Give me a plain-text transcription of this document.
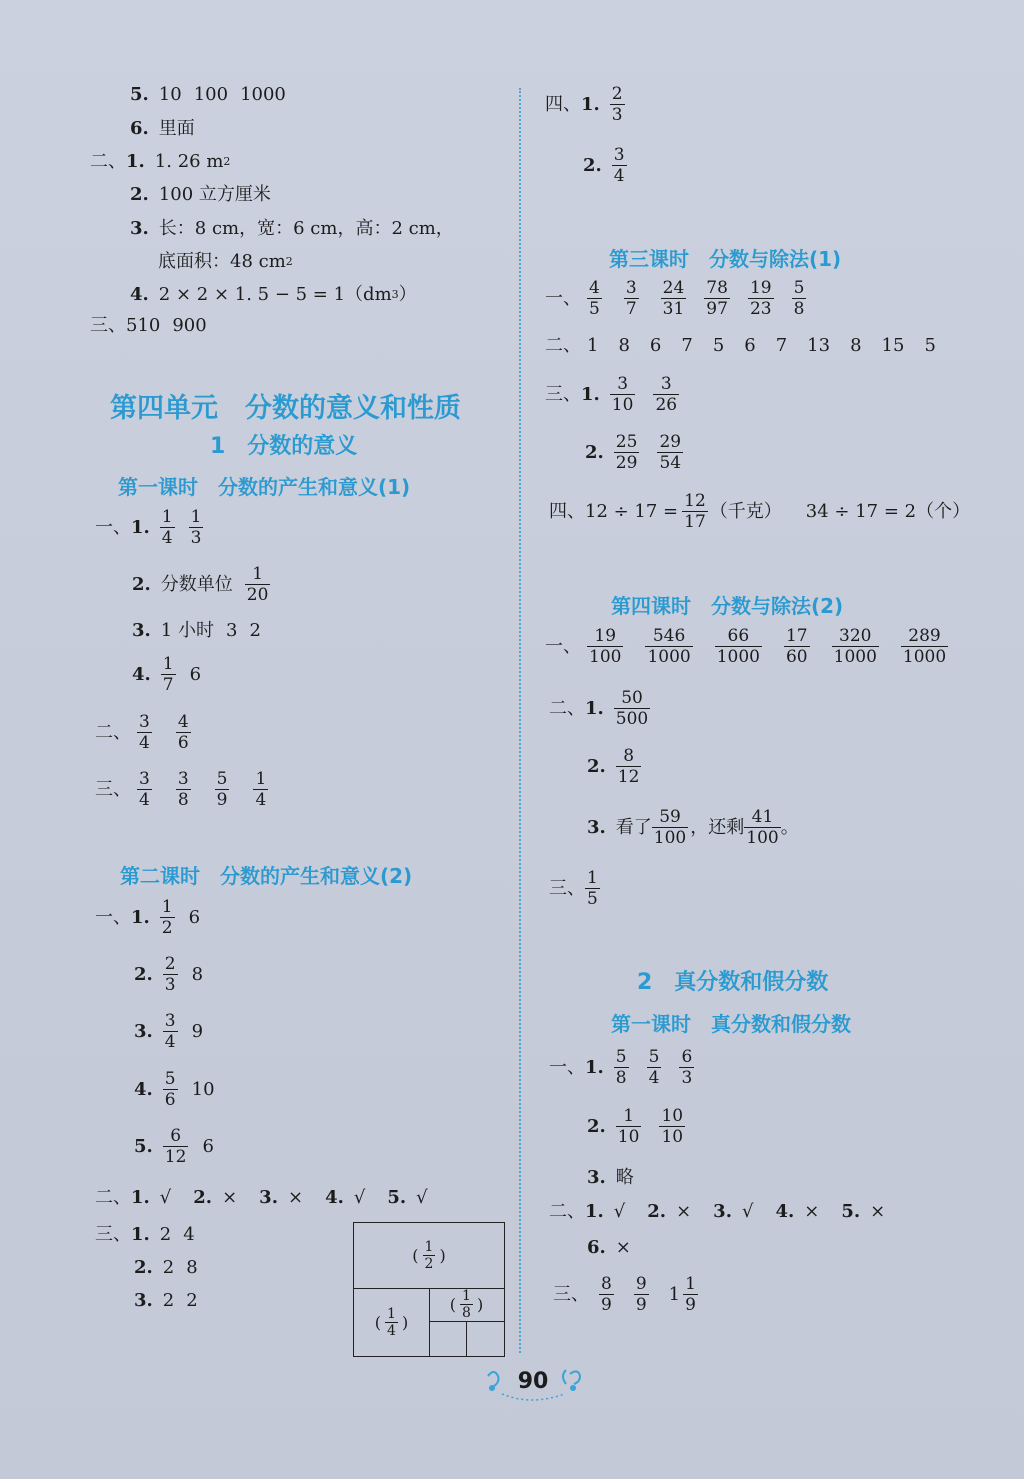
5. 10 100 1000
6. 里面
二、 1. 1. 26 m 2
2. 100 立方厘米
3. 长：8 cm，宽：6 cm，高：2 cm，
底面积：48 cm 2
4. 2 × 2 × 1. 5 − 5 = 1（dm 3 ）
三、 510 900
第四单元　分数的意义和性质
1　分数的意义
第一课时　分数的产生和意义(1)
一、 1. $\frac{1}{4} \frac{1}{3}$
2. 分数单位 $\frac{1}{20}$
3. 1 小时 3 2
4. $\frac{1}{7} 6$
二、 $\frac{3}{4} \frac{4}{6}$
三、 $\frac{3}{4} \frac{3}{8} \frac{5}{9} \frac{1}{4}$
第二课时　分数的产生和意义(2)
一、 1. $\frac{1}{2} 6$
2. $\frac{2}{3} 8$
3. $\frac{3}{4} 9$
4. $\frac{5}{6} 10$
5. $\frac{6}{12} 6$
二、 1. √ 2. × 3. × 4. √ 5. √
三、 1. 2 4
2. 2 8
3. 2 2
( $\frac{1}{2}$ )
( $\frac{1}{4}$ )
( $\frac{1}{8}$ )
四、 1. $\frac{2}{3}$
2. $\frac{3}{4}$
第三课时　分数与除法(1)
一、 $\frac{4}{5} \frac{3}{7} \frac{24}{31} \frac{78}{97} \frac{19}{23} \frac{5}{8}$
二、 1 8 6 7 5 6 7 13 8 15 5
三、 1. $\frac{3}{10} \frac{3}{26}$
2. $\frac{25}{29} \frac{29}{54}$
四、 $12 \div 17 = \frac{12}{17}$ （千克） 34 ÷ 17 = 2（个）
第四课时　分数与除法(2)
一、 $\frac{19}{100} \frac{546}{1000} \frac{66}{1000} \frac{17}{60} \frac{320}{1000} \frac{289}{1000}$
二、 1. $\frac{50}{500}$
2. $\frac{8}{12}$
3. 看了 $\frac{59}{100}$ ，还剩 $\frac{41}{100}$ 。
三、 $\frac{1}{5}$
2　真分数和假分数
第一课时　真分数和假分数
一、 1. $\frac{5}{8} \frac{5}{4} \frac{6}{3}$
2. $\frac{1}{10} \frac{10}{10}$
3. 略
二、 1. √ 2. × 3. √ 4. × 5. ×
6. ×
三、 $\frac{8}{9} \frac{9}{9} 1 \frac{1}{9}$
90
